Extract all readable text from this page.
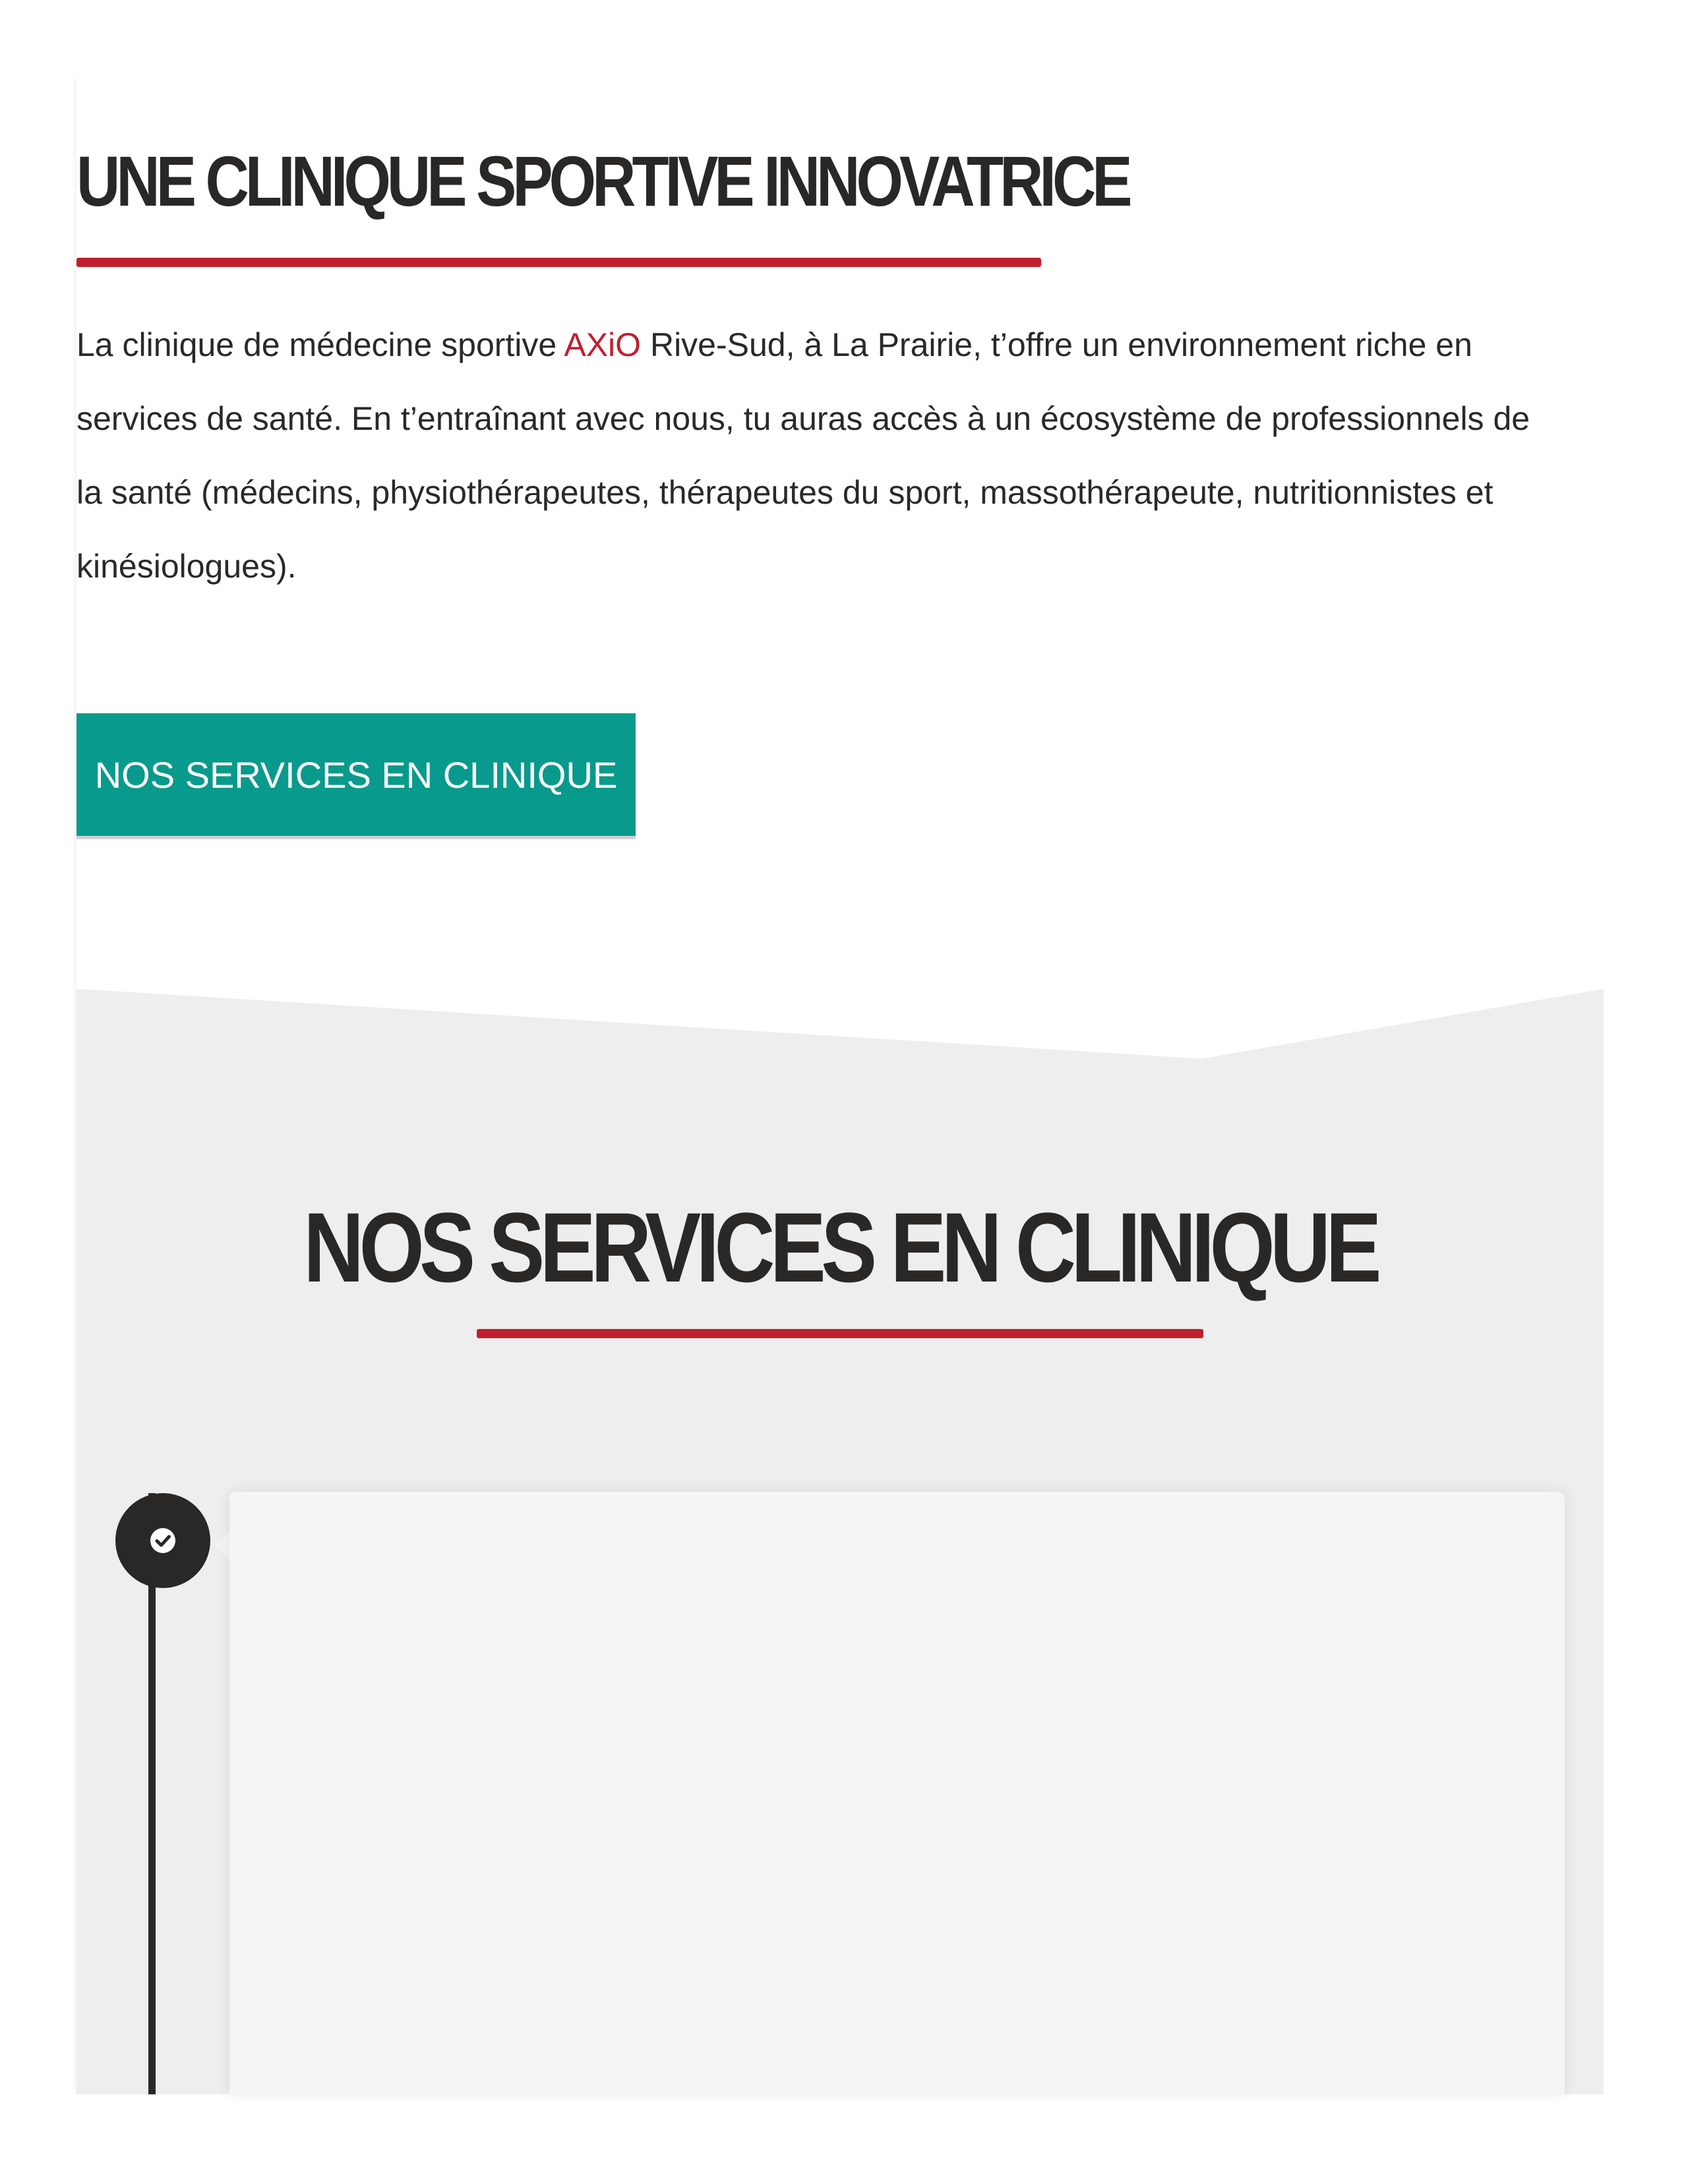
UNE CLINIQUE SPORTIVE INNOVATRICE

La clinique de médecine sportive AXiO Rive-Sud, à La Prairie, t’offre un environnement riche en services de santé. En t’entraînant avec nous, tu auras accès à un écosystème de professionnels de la santé (médecins, physiothérapeutes, thérapeutes du sport, massothérapeute, nutritionnistes et kinésiologues).

NOS SERVICES EN CLINIQUE
NOS SERVICES EN CLINIQUE
